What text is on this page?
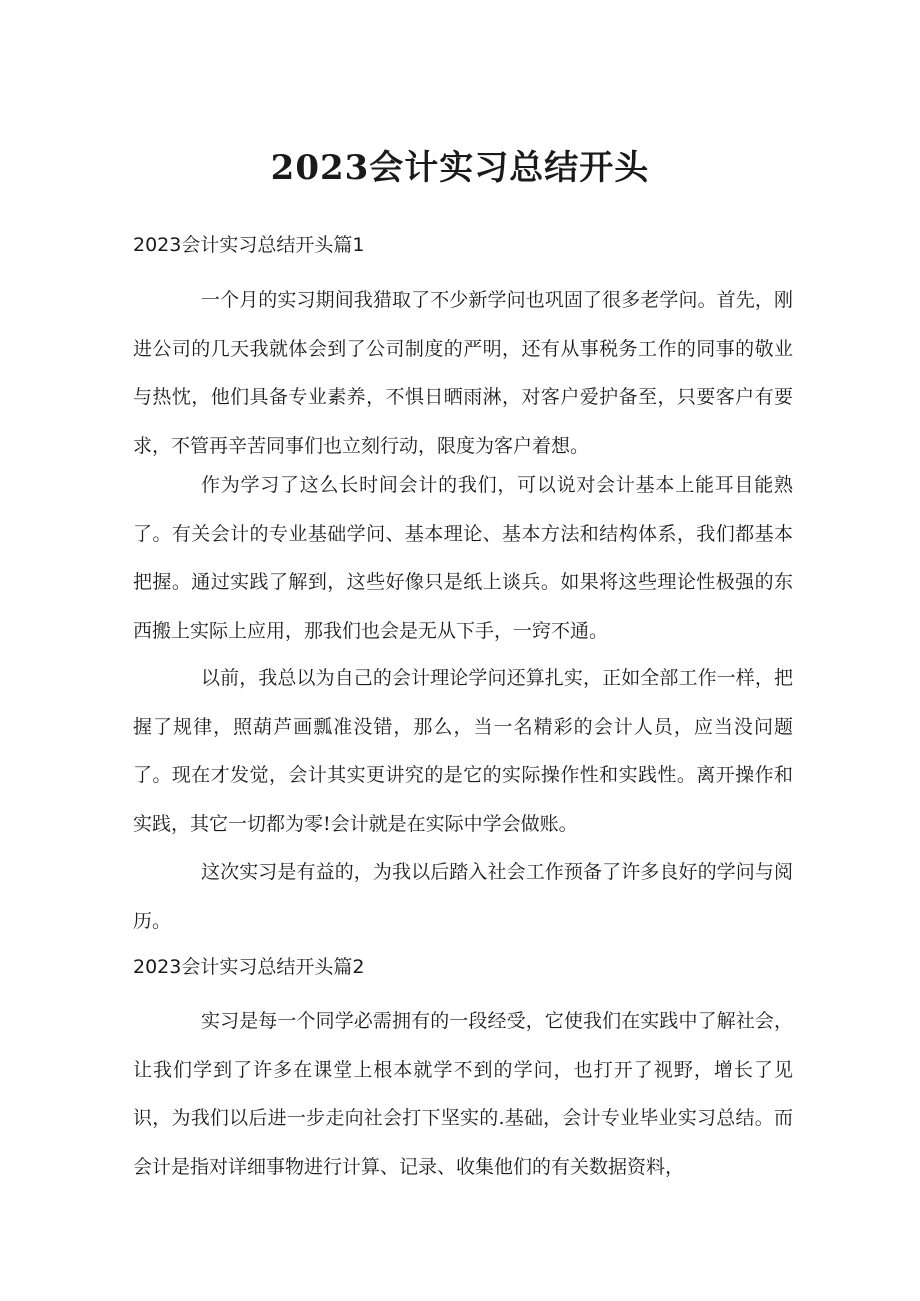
2023会计实习总结开头
2023会计实习总结开头篇1

一个月的实习期间我猎取了不少新学问也巩固了很多老学问。首先，刚进公司的几天我就体会到了公司制度的严明，还有从事税务工作的同事的敬业与热忱，他们具备专业素养，不惧日晒雨淋，对客户爱护备至，只要客户有要求，不管再辛苦同事们也立刻行动，限度为客户着想。

作为学习了这么长时间会计的我们，可以说对会计基本上能耳目能熟了。有关会计的专业基础学问、基本理论、基本方法和结构体系，我们都基本把握。通过实践了解到，这些好像只是纸上谈兵。如果将这些理论性极强的东西搬上实际上应用，那我们也会是无从下手，一窍不通。

以前，我总以为自己的会计理论学问还算扎实，正如全部工作一样，把握了规律，照葫芦画瓢准没错，那么，当一名精彩的会计人员，应当没问题了。现在才发觉，会计其实更讲究的是它的实际操作性和实践性。离开操作和实践，其它一切都为零!会计就是在实际中学会做账。

这次实习是有益的，为我以后踏入社会工作预备了许多良好的学问与阅历。

2023会计实习总结开头篇2

实习是每一个同学必需拥有的一段经受，它使我们在实践中了解社会，让我们学到了许多在课堂上根本就学不到的学问，也打开了视野，增长了见识，为我们以后进一步走向社会打下坚实的.基础，会计专业毕业实习总结。而会计是指对详细事物进行计算、记录、收集他们的有关数据资料，
